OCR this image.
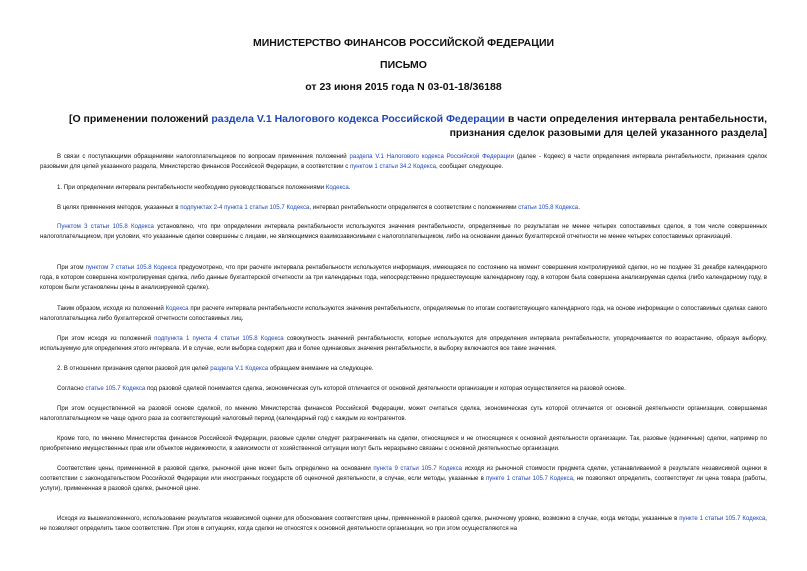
МИНИСТЕРСТВО ФИНАНСОВ РОССИЙСКОЙ ФЕДЕРАЦИИ
ПИСЬМО
от 23 июня 2015 года N 03-01-18/36188
[О применении положений раздела V.1 Налогового кодекса Российской Федерации в части определения интервала рентабельности, признания сделок разовыми для целей указанного раздела]

В связи с поступающими обращениями налогоплательщиков по вопросам применения положений раздела V.1 Налогового кодекса Российской Федерации (далее - Кодекс) в части определения интервала рентабельности, признания сделок разовыми для целей указанного раздела, Министерство финансов Российской Федерации, в соответствии с пунктом 1 статьи 34.2 Кодекса, сообщает следующее.

1. При определении интервала рентабельности необходимо руководствоваться положениями Кодекса.

В целях применения методов, указанных в подпунктах 2-4 пункта 1 статьи 105.7 Кодекса, интервал рентабельности определяется в соответствии с положениями статьи 105.8 Кодекса.

Пунктом 3 статьи 105.8 Кодекса установлено, что при определении интервала рентабельности используются значения рентабельности, определяемые по результатам не менее четырех сопоставимых сделок, в том числе совершенных налогоплательщиком, при условии, что указанные сделки совершены с лицами, не являющимися взаимозависимыми с налогоплательщиком, либо на основании данных бухгалтерской отчетности не менее четырех сопоставимых организаций.

При этом пунктом 7 статьи 105.8 Кодекса предусмотрено, что при расчете интервала рентабельности используется информация, имеющаяся по состоянию на момент совершения контролируемой сделки, но не позднее 31 декабря календарного года, в котором совершена контролируемая сделка, либо данные бухгалтерской отчетности за три календарных года, непосредственно предшествующие календарному году, в котором была совершена анализируемая сделка (либо календарному году, в котором были установлены цены в анализируемой сделке).

Таким образом, исходя из положений Кодекса при расчете интервала рентабельности используются значения рентабельности, определяемые по итогам соответствующего календарного года, на основе информации о сопоставимых сделках самого налогоплательщика либо бухгалтерской отчетности сопоставимых лиц.

При этом исходя из положений подпункта 1 пункта 4 статьи 105.8 Кодекса совокупность значений рентабельности, которые используются для определения интервала рентабельности, упорядочивается по возрастанию, образуя выборку, используемую для определения этого интервала. И в случае, если выборка содержит два и более одинаковых значения рентабельности, в выборку включаются все такие значения.

2. В отношении признания сделки разовой для целей раздела V.1 Кодекса обращаем внимание на следующее.

Согласно статье 105.7 Кодекса под разовой сделкой понимается сделка, экономическая суть которой отличается от основной деятельности организации и которая осуществляется на разовой основе.

При этом осуществленной на разовой основе сделкой, по мнению Министерства финансов Российской Федерации, может считаться сделка, экономическая суть которой отличается от основной деятельности организации, совершаемая налогоплательщиком не чаще одного раза за соответствующий налоговый период (календарный год) с каждым из контрагентов.

Кроме того, по мнению Министерства финансов Российской Федерации, разовые сделки следует разграничивать на сделки, относящиеся и не относящиеся к основной деятельности организации. Так, разовые (единичные) сделки, например по приобретению имущественных прав или объектов недвижимости, в зависимости от хозяйственной ситуации могут быть неразрывно связаны с основной деятельностью организации.

Соответствие цены, примененной в разовой сделке, рыночной цене может быть определено на основании пункта 9 статьи 105.7 Кодекса исходя из рыночной стоимости предмета сделки, устанавливаемой в результате независимой оценки в соответствии с законодательством Российской Федерации или иностранных государств об оценочной деятельности, в случае, если методы, указанные в пункте 1 статьи 105.7 Кодекса, не позволяют определить, соответствует ли цена товара (работы, услуги), примененная в разовой сделке, рыночной цене.

Исходя из вышеизложенного, использование результатов независимой оценки для обоснования соответствия цены, примененной в разовой сделке, рыночному уровню, возможно в случае, когда методы, указанные в пункте 1 статьи 105.7 Кодекса, не позволяют определить такое соответствие. При этом в ситуациях, когда сделки не относятся к основной деятельности организации, но при этом осуществляются на
